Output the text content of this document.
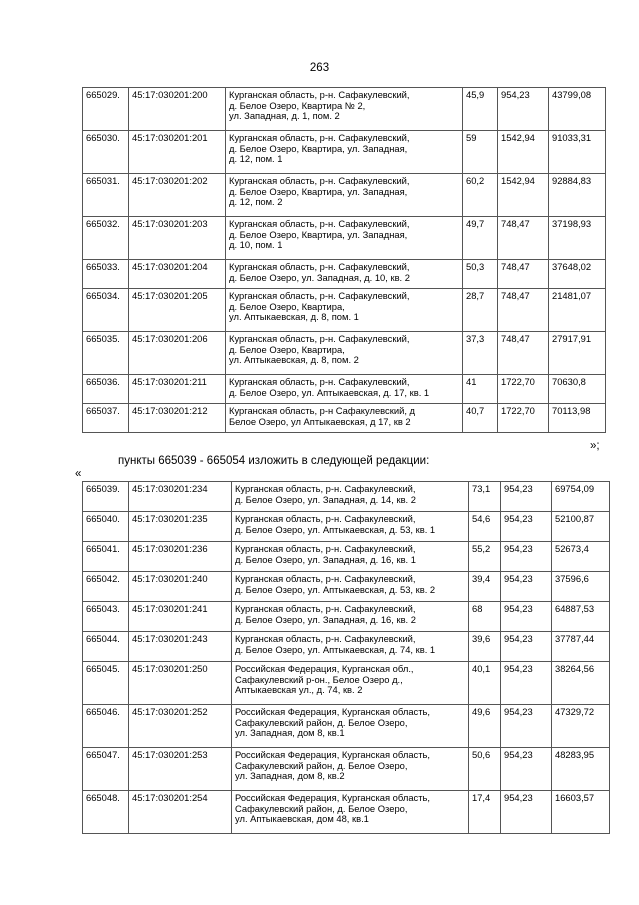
263
665029.	45:17:030201:200	Курганская область, р-н. Сафакулевский,
д. Белое Озеро, Квартира № 2,
ул. Западная, д. 1, пом. 2	45,9	954,23	43799,08
665030.	45:17:030201:201	Курганская область, р-н. Сафакулевский,
д. Белое Озеро, Квартира, ул. Западная,
д. 12, пом. 1	59	1542,94	91033,31
665031.	45:17:030201:202	Курганская область, р-н. Сафакулевский,
д. Белое Озеро, Квартира, ул. Западная,
д. 12, пом. 2	60,2	1542,94	92884,83
665032.	45:17:030201:203	Курганская область, р-н. Сафакулевский,
д. Белое Озеро, Квартира, ул. Западная,
д. 10, пом. 1	49,7	748,47	37198,93
665033.	45:17:030201:204	Курганская область, р-н. Сафакулевский,
д. Белое Озеро, ул. Западная, д. 10, кв. 2	50,3	748,47	37648,02
665034.	45:17:030201:205	Курганская область, р-н. Сафакулевский,
д. Белое Озеро, Квартира,
ул. Аптыкаевская, д. 8, пом. 1	28,7	748,47	21481,07
665035.	45:17:030201:206	Курганская область, р-н. Сафакулевский,
д. Белое Озеро, Квартира,
ул. Аптыкаевская, д. 8, пом. 2	37,3	748,47	27917,91
665036.	45:17:030201:211	Курганская область, р-н. Сафакулевский,
д. Белое Озеро, ул. Аптыкаевская, д. 17, кв. 1	41	1722,70	70630,8
665037.	45:17:030201:212	Курганская область, р-н Сафакулевский, д
Белое Озеро, ул Аптыкаевская, д 17, кв 2	40,7	1722,70	70113,98
»;
пункты 665039 - 665054 изложить в следующей редакции:
«
665039.	45:17:030201:234	Курганская область, р-н. Сафакулевский,
д. Белое Озеро, ул. Западная, д. 14, кв. 2	73,1	954,23	69754,09
665040.	45:17:030201:235	Курганская область, р-н. Сафакулевский,
д. Белое Озеро, ул. Аптыкаевская, д. 53, кв. 1	54,6	954,23	52100,87
665041.	45:17:030201:236	Курганская область, р-н. Сафакулевский,
д. Белое Озеро, ул. Западная, д. 16, кв. 1	55,2	954,23	52673,4
665042.	45:17:030201:240	Курганская область, р-н. Сафакулевский,
д. Белое Озеро, ул. Аптыкаевская, д. 53, кв. 2	39,4	954,23	37596,6
665043.	45:17:030201:241	Курганская область, р-н. Сафакулевский,
д. Белое Озеро, ул. Западная, д. 16, кв. 2	68	954,23	64887,53
665044.	45:17:030201:243	Курганская область, р-н. Сафакулевский,
д. Белое Озеро, ул. Аптыкаевская, д. 74, кв. 1	39,6	954,23	37787,44
665045.	45:17:030201:250	Российская Федерация, Курганская обл.,
Сафакулевский р-он., Белое Озеро д.,
Аптыкаевская ул., д. 74, кв. 2	40,1	954,23	38264,56
665046.	45:17:030201:252	Российская Федерация, Курганская область,
Сафакулевский район, д. Белое Озеро,
ул. Западная, дом 8, кв.1	49,6	954,23	47329,72
665047.	45:17:030201:253	Российская Федерация, Курганская область,
Сафакулевский район, д. Белое Озеро,
ул. Западная, дом 8, кв.2	50,6	954,23	48283,95
665048.	45:17:030201:254	Российская Федерация, Курганская область,
Сафакулевский район, д. Белое Озеро,
ул. Аптыкаевская, дом 48, кв.1	17,4	954,23	16603,57
